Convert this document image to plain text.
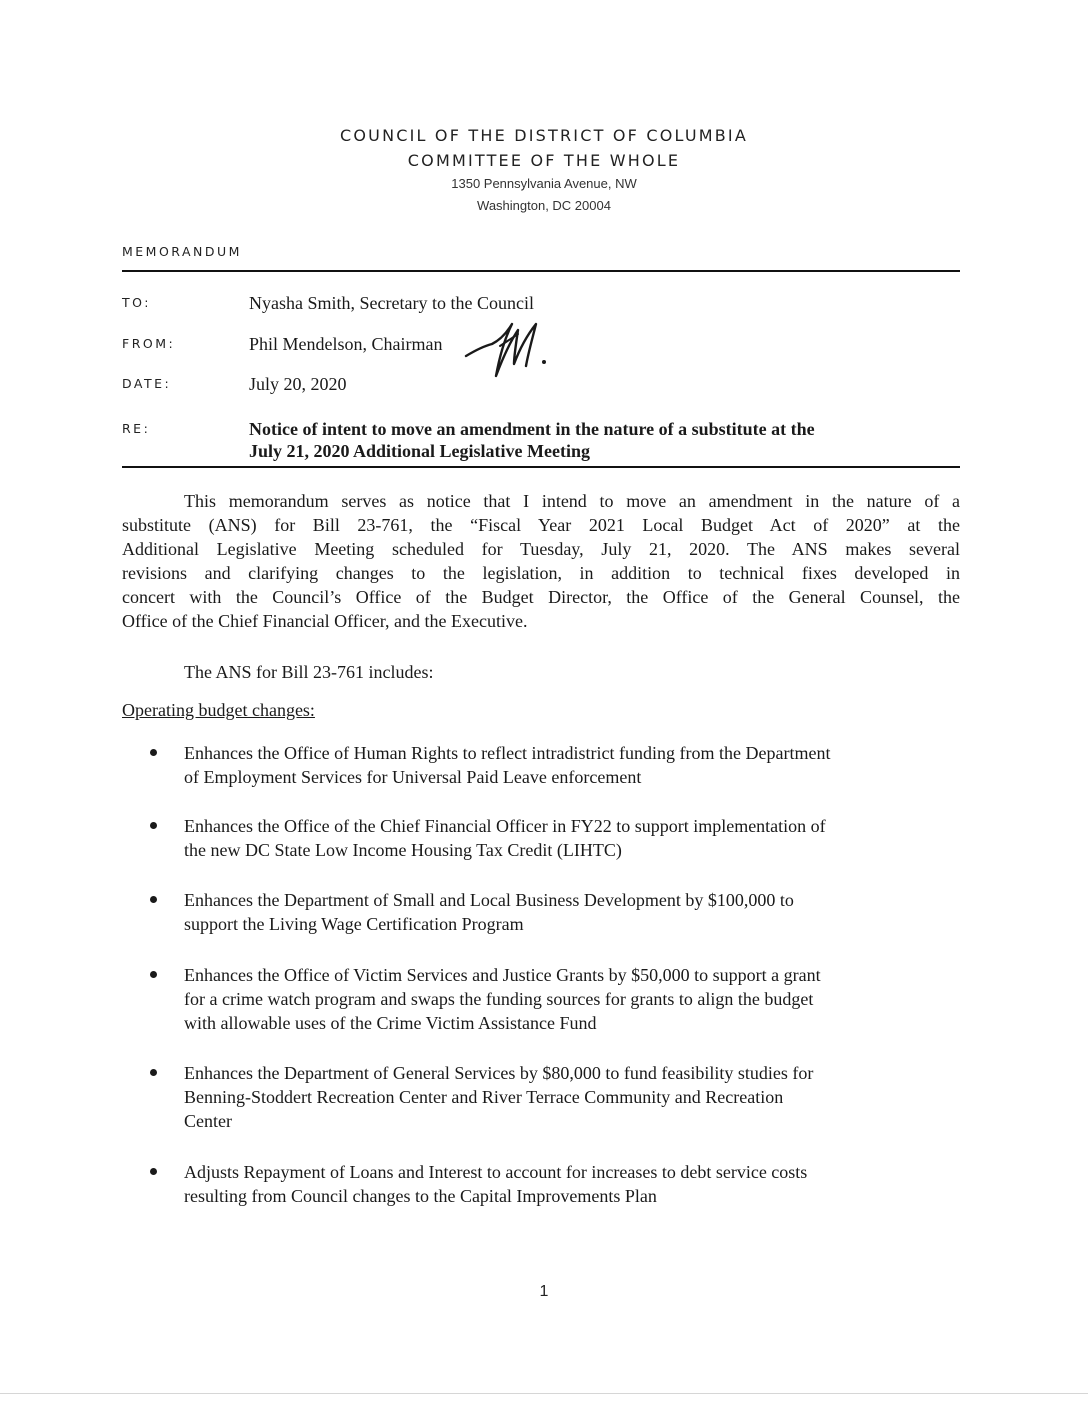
COUNCIL OF THE DISTRICT OF COLUMBIA
COMMITTEE OF THE WHOLE
1350 Pennsylvania Avenue, NW
Washington, DC 20004
MEMORANDUM
TO:	Nyasha Smith, Secretary to the Council
FROM:	Phil Mendelson, Chairman
DATE:	July 20, 2020
RE:	Notice of intent to move an amendment in the nature of a substitute at the
July 21, 2020 Additional Legislative Meeting
This memorandum serves as notice that I intend to move an amendment in the nature of a
substitute (ANS) for Bill 23-761, the “Fiscal Year 2021 Local Budget Act of 2020” at the
Additional Legislative Meeting scheduled for Tuesday, July 21, 2020. The ANS makes several
revisions and clarifying changes to the legislation, in addition to technical fixes developed in
concert with the Council’s Office of the Budget Director, the Office of the General Counsel, the
Office of the Chief Financial Officer, and the Executive.
The ANS for Bill 23-761 includes:
Operating budget changes:
Enhances the Office of Human Rights to reflect intradistrict funding from the Department
of Employment Services for Universal Paid Leave enforcement
Enhances the Office of the Chief Financial Officer in FY22 to support implementation of
the new DC State Low Income Housing Tax Credit (LIHTC)
Enhances the Department of Small and Local Business Development by $100,000 to
support the Living Wage Certification Program
Enhances the Office of Victim Services and Justice Grants by $50,000 to support a grant
for a crime watch program and swaps the funding sources for grants to align the budget
with allowable uses of the Crime Victim Assistance Fund
Enhances the Department of General Services by $80,000 to fund feasibility studies for
Benning-Stoddert Recreation Center and River Terrace Community and Recreation
Center
Adjusts Repayment of Loans and Interest to account for increases to debt service costs
resulting from Council changes to the Capital Improvements Plan
1
